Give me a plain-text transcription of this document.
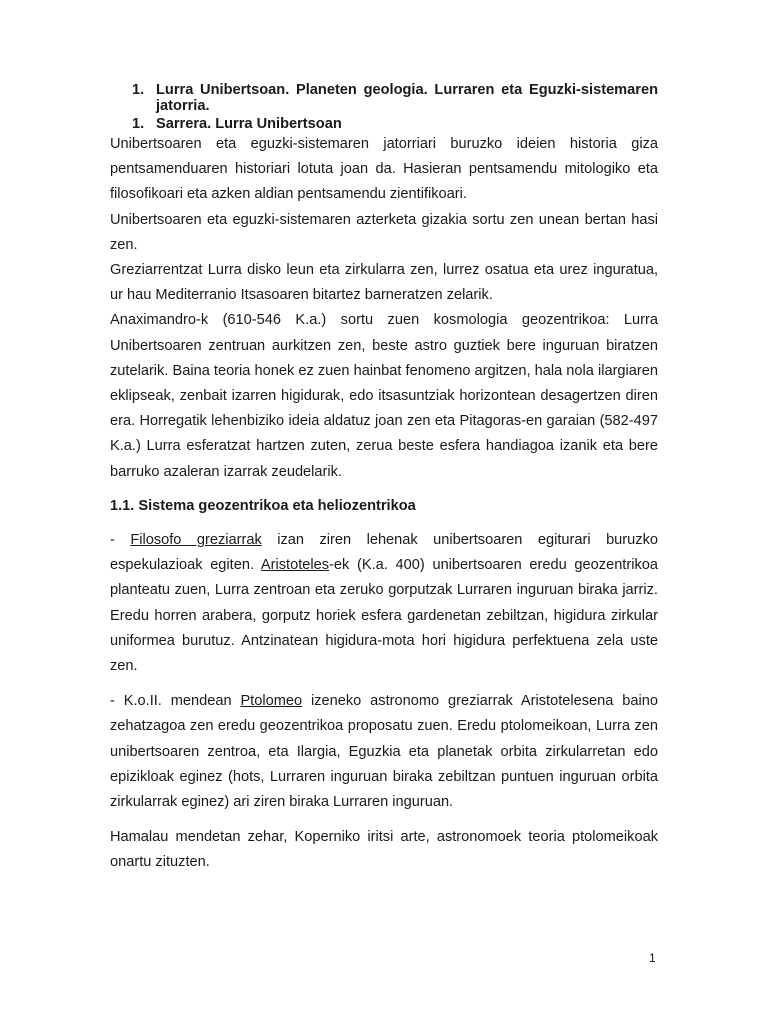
1. Lurra Unibertsoan. Planeten geologia. Lurraren eta Eguzki-sistemaren jatorria.
1. Sarrera. Lurra Unibertsoan

Unibertsoaren eta eguzki-sistemaren jatorriari buruzko ideien historia giza pentsamenduaren historiari lotuta joan da. Hasieran pentsamendu mitologiko eta filosofikoari eta azken aldian pentsamendu zientifikoari.

Unibertsoaren eta eguzki-sistemaren azterketa gizakia sortu zen unean bertan hasi zen.

Greziarrentzat Lurra disko leun eta zirkularra zen, lurrez osatua eta urez inguratua, ur hau Mediterranio Itsasoaren bitartez barneratzen zelarik.

Anaximandro-k (610-546 K.a.) sortu zuen kosmologia geozentrikoa: Lurra Unibertsoaren zentruan aurkitzen zen, beste astro guztiek bere inguruan biratzen zutelarik. Baina teoria honek ez zuen hainbat fenomeno argitzen, hala nola ilargiaren eklipseak, zenbait izarren higidurak, edo itsasuntziak horizontean desagertzen diren era. Horregatik lehenbiziko ideia aldatuz joan zen eta Pitagoras-en garaian (582-497 K.a.) Lurra esferatzat hartzen zuten, zerua beste esfera handiagoa izanik eta bere barruko azaleran izarrak zeudelarik.

1.1. Sistema geozentrikoa eta heliozentrikoa

- Filosofo greziarrak izan ziren lehenak unibertsoaren egiturari buruzko espekulazioak egiten. Aristoteles-ek (K.a. 400) unibertsoaren eredu geozentrikoa planteatu zuen, Lurra zentroan eta zeruko gorputzak Lurraren inguruan biraka jarriz. Eredu horren arabera, gorputz horiek esfera gardenetan zebiltzan, higidura zirkular uniformea burutuz. Antzinatean higidura-mota hori higidura perfektuena zela uste zen.

- K.o.II. mendean Ptolomeo izeneko astronomo greziarrak Aristotelesena baino zehatzagoa zen eredu geozentrikoa proposatu zuen. Eredu ptolomeikoan, Lurra zen unibertsoaren zentroa, eta Ilargia, Eguzkia eta planetak orbita zirkularretan edo epizikloak eginez (hots, Lurraren inguruan biraka zebiltzan puntuen inguruan orbita zirkularrak eginez) ari ziren biraka Lurraren inguruan.

Hamalau mendetan zehar, Koperniko iritsi arte, astronomoek teoria ptolomeikoak onartu zituzten.

1
